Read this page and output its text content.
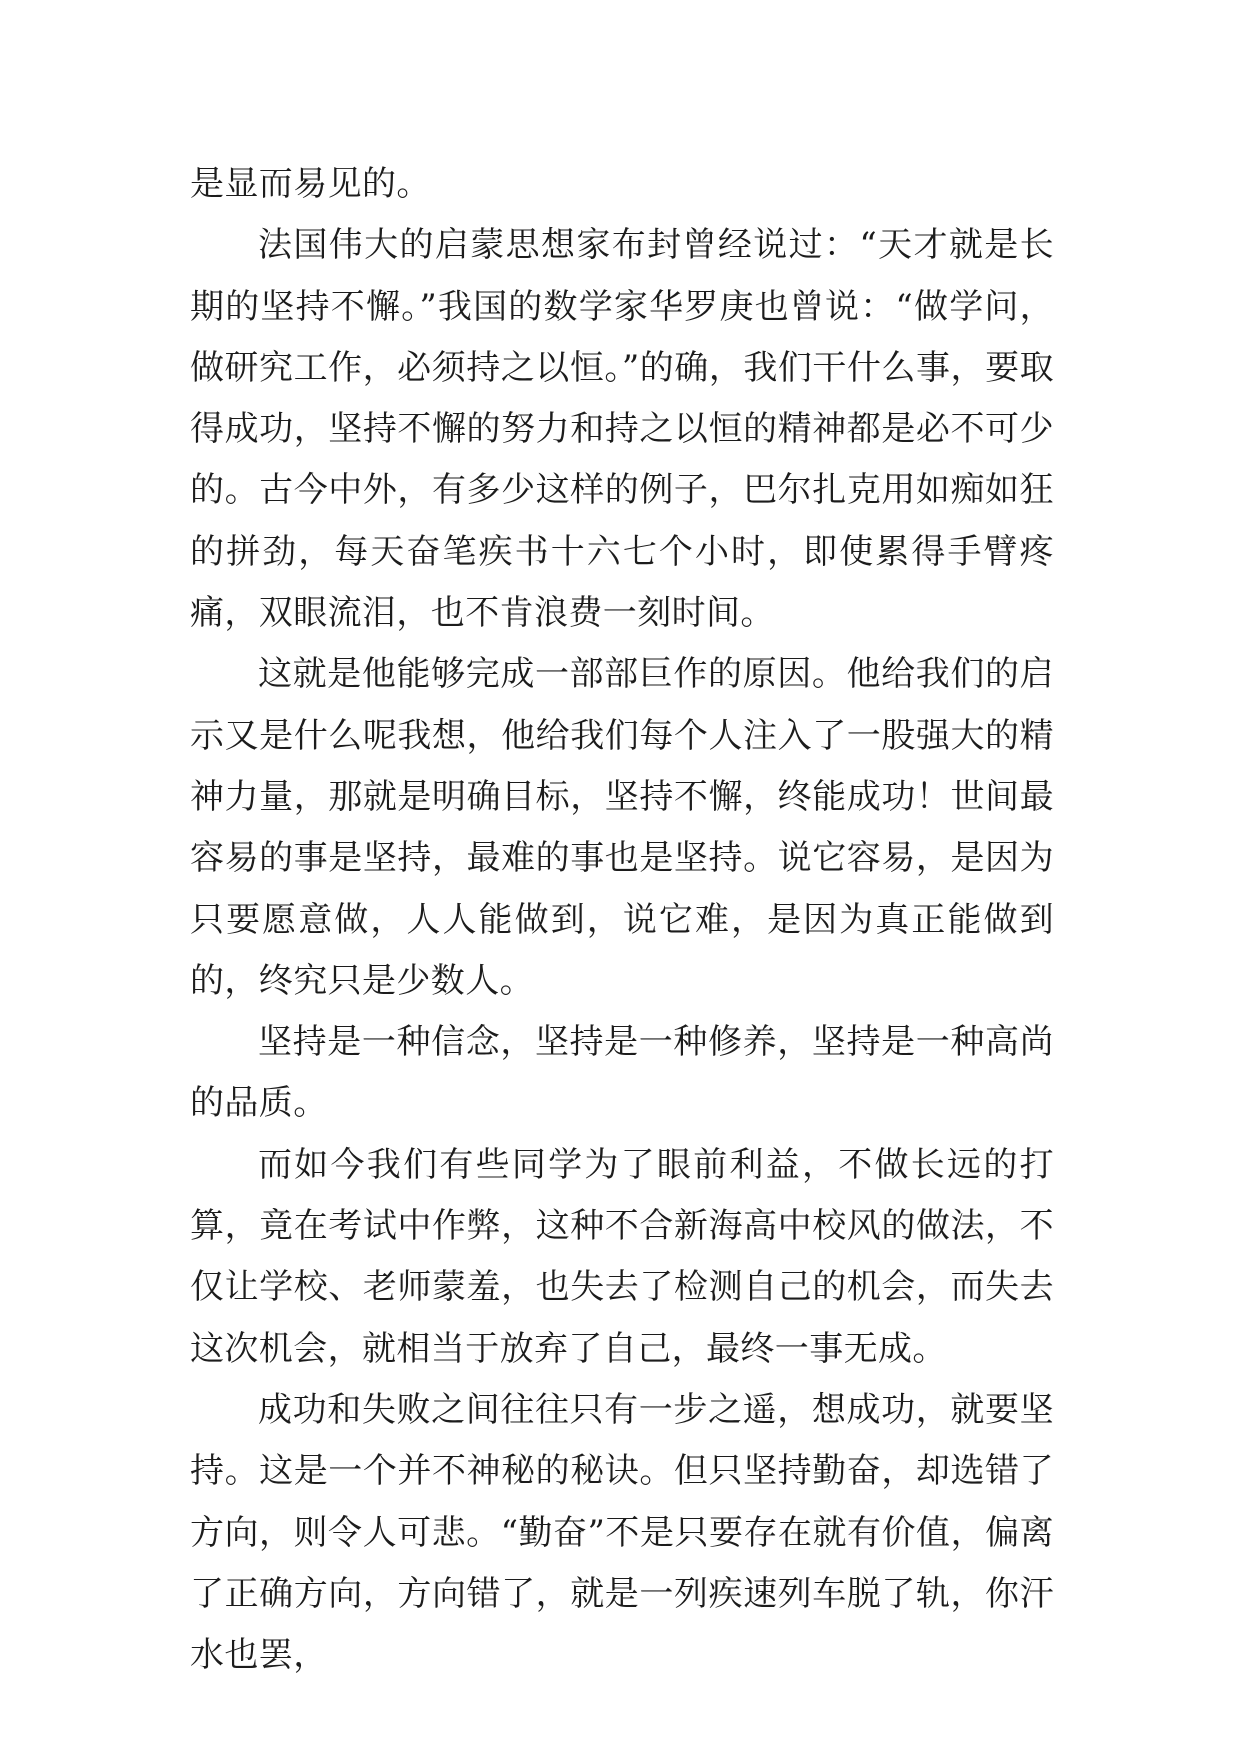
是显而易见的。

法国伟大的启蒙思想家布封曾经说过：“天才就是长期的坚持不懈。”我国的数学家华罗庚也曾说：“做学问，做研究工作，必须持之以恒。”的确，我们干什么事，要取得成功，坚持不懈的努力和持之以恒的精神都是必不可少的。古今中外，有多少这样的例子，巴尔扎克用如痴如狂的拼劲，每天奋笔疾书十六七个小时，即使累得手臂疼痛，双眼流泪，也不肯浪费一刻时间。

这就是他能够完成一部部巨作的原因。他给我们的启示又是什么呢我想，他给我们每个人注入了一股强大的精神力量，那就是明确目标，坚持不懈，终能成功！世间最容易的事是坚持，最难的事也是坚持。说它容易，是因为只要愿意做，人人能做到，说它难，是因为真正能做到的，终究只是少数人。

坚持是一种信念，坚持是一种修养，坚持是一种高尚的品质。

而如今我们有些同学为了眼前利益，不做长远的打算，竟在考试中作弊，这种不合新海高中校风的做法，不仅让学校、老师蒙羞，也失去了检测自己的机会，而失去这次机会，就相当于放弃了自己，最终一事无成。

成功和失败之间往往只有一步之遥，想成功，就要坚持。这是一个并不神秘的秘诀。但只坚持勤奋，却选错了方向，则令人可悲。“勤奋”不是只要存在就有价值，偏离了正确方向，方向错了，就是一列疾速列车脱了轨，你汗水也罢，
